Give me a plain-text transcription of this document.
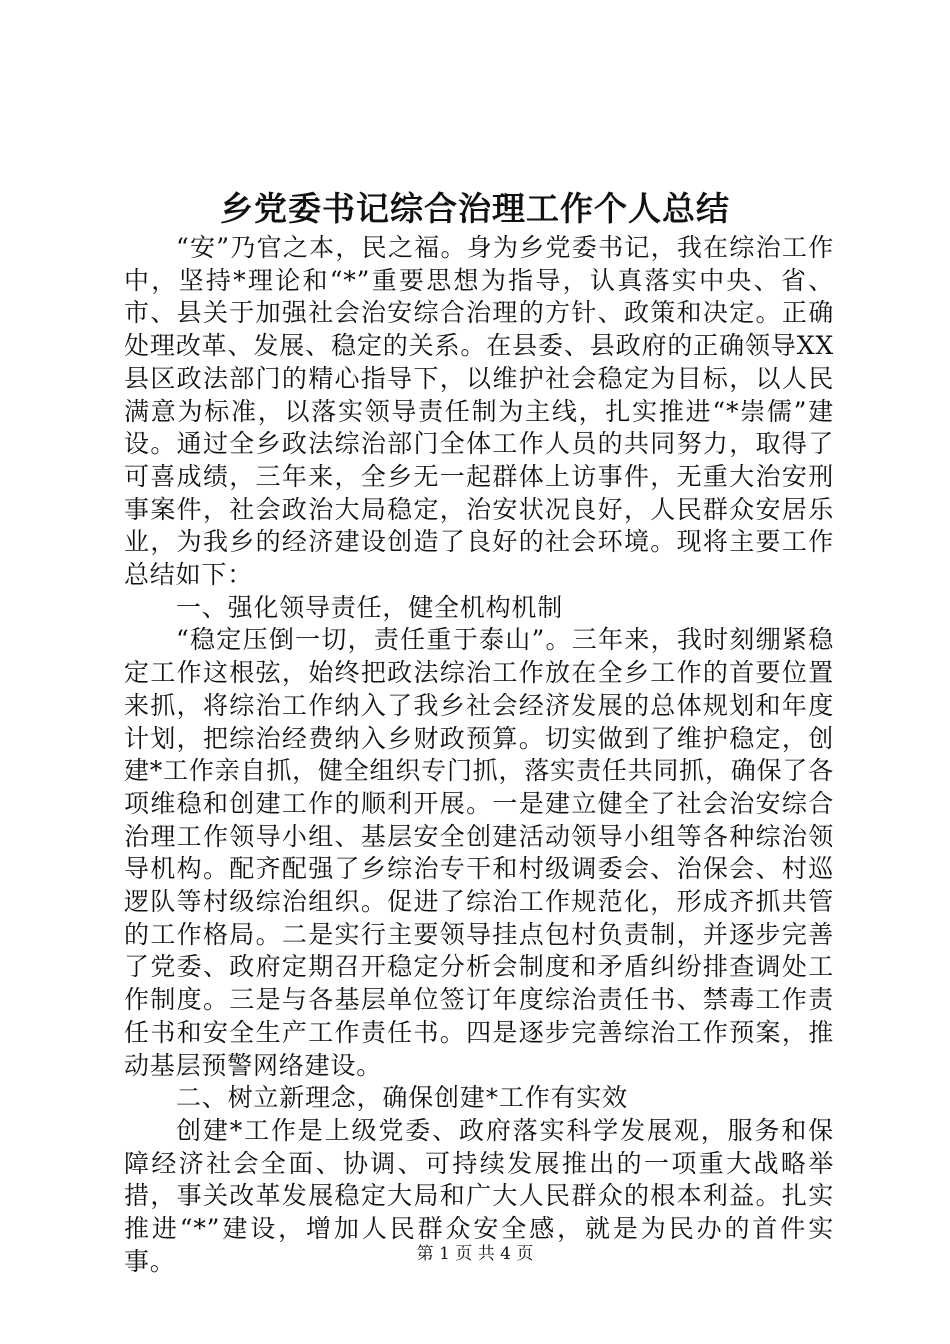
乡党委书记综合治理工作个人总结

“安”乃官之本，民之福。身为乡党委书记，我在综治工作中，坚持*理论和“*”重要思想为指导，认真落实中央、省、市、县关于加强社会治安综合治理的方针、政策和决定。正确处理改革、发展、稳定的关系。在县委、县政府的正确领导XX县区政法部门的精心指导下，以维护社会稳定为目标，以人民满意为标准，以落实领导责任制为主线，扎实推进“*崇儒”建设。通过全乡政法综治部门全体工作人员的共同努力，取得了可喜成绩，三年来，全乡无一起群体上访事件，无重大治安刑事案件，社会政治大局稳定，治安状况良好，人民群众安居乐业，为我乡的经济建设创造了良好的社会环境。现将主要工作总结如下：

一、强化领导责任，健全机构机制

“稳定压倒一切，责任重于泰山”。三年来，我时刻绷紧稳定工作这根弦，始终把政法综治工作放在全乡工作的首要位置来抓，将综治工作纳入了我乡社会经济发展的总体规划和年度计划，把综治经费纳入乡财政预算。切实做到了维护稳定，创建*工作亲自抓，健全组织专门抓，落实责任共同抓，确保了各项维稳和创建工作的顺利开展。一是建立健全了社会治安综合治理工作领导小组、基层安全创建活动领导小组等各种综治领导机构。配齐配强了乡综治专干和村级调委会、治保会、村巡逻队等村级综治组织。促进了综治工作规范化，形成齐抓共管的工作格局。二是实行主要领导挂点包村负责制，并逐步完善了党委、政府定期召开稳定分析会制度和矛盾纠纷排查调处工作制度。三是与各基层单位签订年度综治责任书、禁毒工作责任书和安全生产工作责任书。四是逐步完善综治工作预案，推动基层预警网络建设。

二、树立新理念，确保创建*工作有实效

创建*工作是上级党委、政府落实科学发展观，服务和保障经济社会全面、协调、可持续发展推出的一项重大战略举措，事关改革发展稳定大局和广大人民群众的根本利益。扎实推进“*”建设，增加人民群众安全感，就是为民办的首件实事。	第 1 页 共 4 页
